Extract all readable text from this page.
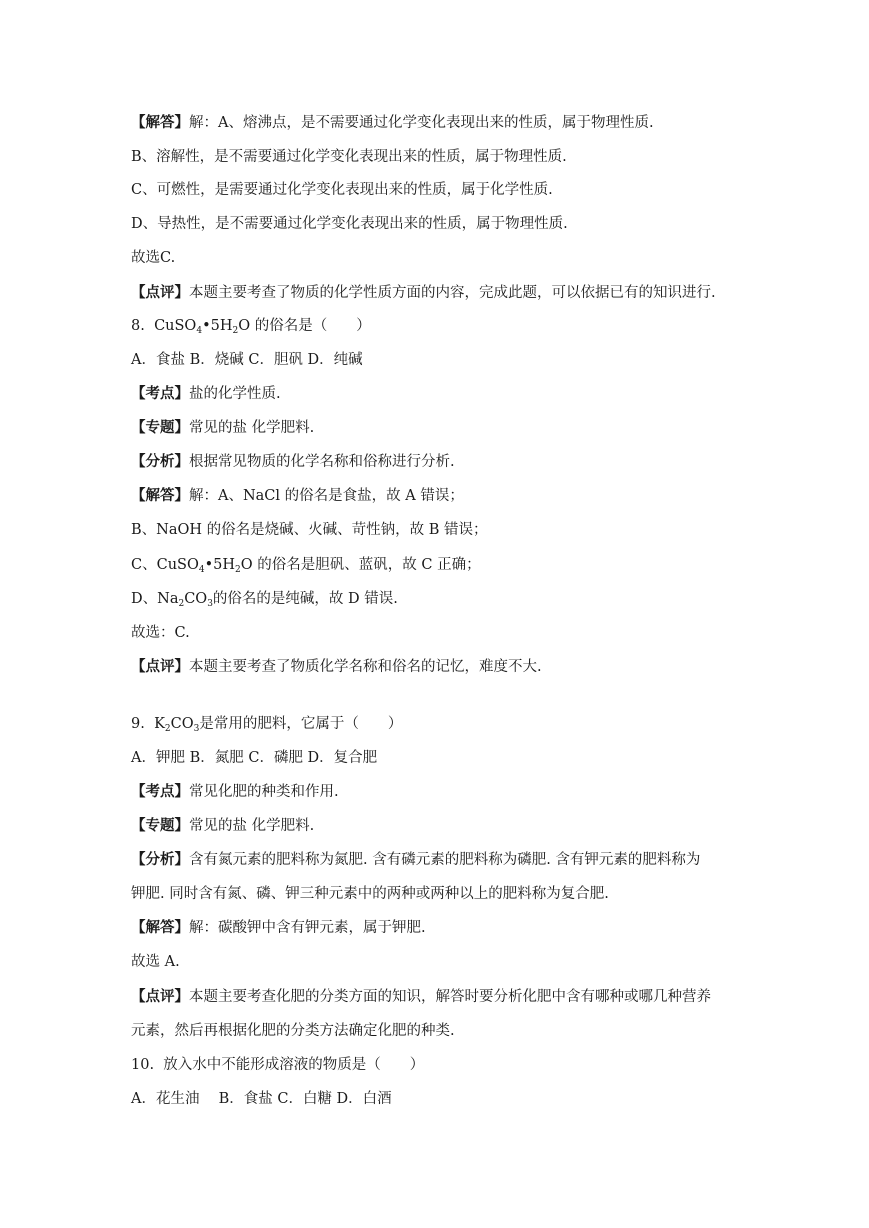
【解答】解：A、熔沸点，是不需要通过化学变化表现出来的性质，属于物理性质.
B、溶解性，是不需要通过化学变化表现出来的性质，属于物理性质.
C、可燃性，是需要通过化学变化表现出来的性质，属于化学性质.
D、导热性，是不需要通过化学变化表现出来的性质，属于物理性质.
故选C.
【点评】本题主要考查了物质的化学性质方面的内容，完成此题，可以依据已有的知识进行.
8. $CuSO_4•5H_2O$ 的俗名是（　　）
A．食盐 B．烧碱 C．胆矾 D．纯碱
【考点】盐的化学性质.
【专题】常见的盐 化学肥料.
【分析】根据常见物质的化学名称和俗称进行分析.
【解答】解：A、NaCl 的俗名是食盐，故 A 错误；
B、NaOH 的俗名是烧碱、火碱、苛性钠，故 B 错误；
C、$CuSO_4•5H_2O$ 的俗名是胆矾、蓝矾，故 C 正确；
D、$Na_2CO_3$的俗名的是纯碱，故 D 错误.
故选：C.
【点评】本题主要考查了物质化学名称和俗名的记忆，难度不大.
9. $K_2CO_3$是常用的肥料，它属于（　　）
A．钾肥 B．氮肥 C．磷肥 D．复合肥
【考点】常见化肥的种类和作用.
【专题】常见的盐 化学肥料.
【分析】含有氮元素的肥料称为氮肥. 含有磷元素的肥料称为磷肥. 含有钾元素的肥料称为
钾肥. 同时含有氮、磷、钾三种元素中的两种或两种以上的肥料称为复合肥.
【解答】解：碳酸钾中含有钾元素，属于钾肥.
故选 A.
【点评】本题主要考查化肥的分类方面的知识，解答时要分析化肥中含有哪种或哪几种营养
元素，然后再根据化肥的分类方法确定化肥的种类.
10. 放入水中不能形成溶液的物质是（　　）
A．花生油　 B．食盐 C．白糖 D．白酒
